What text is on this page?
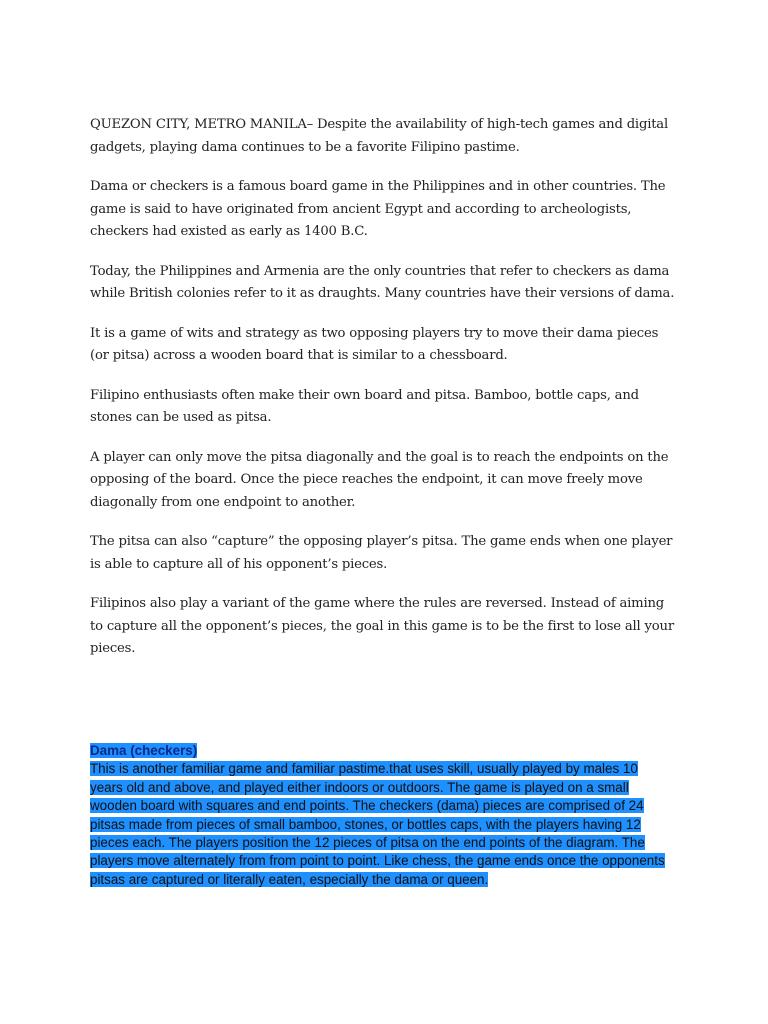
QUEZON CITY, METRO MANILA– Despite the availability of high-tech games and digital gadgets, playing dama continues to be a favorite Filipino pastime.

Dama or checkers is a famous board game in the Philippines and in other countries. The game is said to have originated from ancient Egypt and according to archeologists, checkers had existed as early as 1400 B.C.

Today, the Philippines and Armenia are the only countries that refer to checkers as dama while British colonies refer to it as draughts. Many countries have their versions of dama.

It is a game of wits and strategy as two opposing players try to move their dama pieces (or pitsa) across a wooden board that is similar to a chessboard.

Filipino enthusiasts often make their own board and pitsa. Bamboo, bottle caps, and stones can be used as pitsa.

A player can only move the pitsa diagonally and the goal is to reach the endpoints on the opposing of the board. Once the piece reaches the endpoint, it can move freely move diagonally from one endpoint to another.

The pitsa can also “capture” the opposing player’s pitsa. The game ends when one player is able to capture all of his opponent’s pieces.

Filipinos also play a variant of the game where the rules are reversed. Instead of aiming to capture all the opponent’s pieces, the goal in this game is to be the first to lose all your pieces.

Dama (checkers)
This is another familiar game and familiar pastime.that uses skill, usually played by males 10 years old and above, and played either indoors or outdoors. The game is played on a small wooden board with squares and end points. The checkers (dama) pieces are comprised of 24 pitsas made from pieces of small bamboo, stones, or bottles caps, with the players having 12 pieces each. The players position the 12 pieces of pitsa on the end points of the diagram. The players move alternately from from point to point. Like chess, the game ends once the opponents pitsas are captured or literally eaten, especially the dama or queen.
